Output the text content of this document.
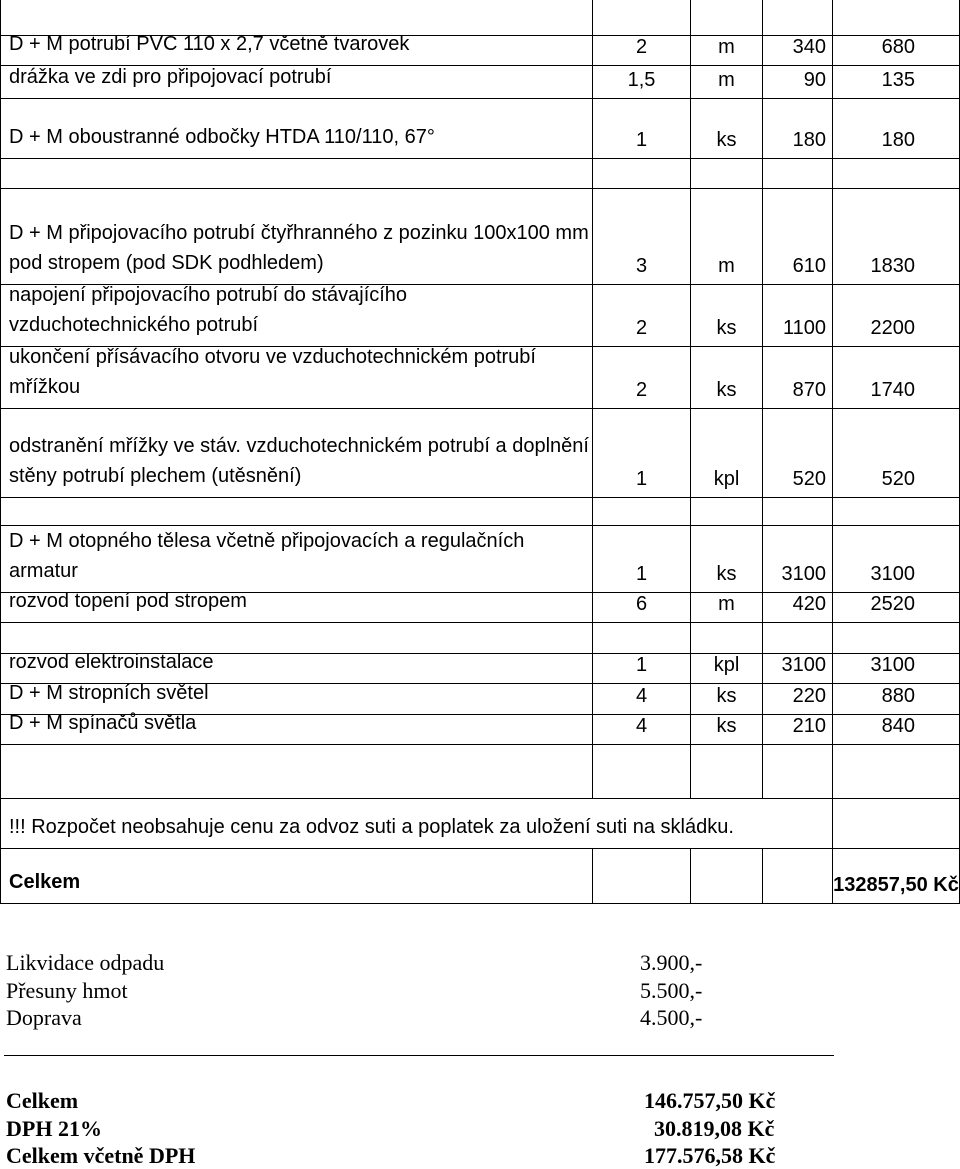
D + M potrubí PVC 110 x 2,7 včetně tvarovek	2	m	340	680
drážka ve zdi pro připojovací potrubí	1,5	m	90	135
D + M oboustranné odbočky HTDA 110/110, 67°	1	ks	180	180
D + M připojovacího potrubí čtyřhranného z pozinku 100x100 mm pod stropem (pod SDK podhledem)	3	m	610	1830
napojení připojovacího potrubí do stávajícího vzduchotechnického potrubí	2	ks	1100	2200
ukončení přísávacího otvoru ve vzduchotechnickém potrubí mřížkou	2	ks	870	1740
odstranění mřížky ve stáv. vzduchotechnickém potrubí a doplnění stěny potrubí plechem (utěsnění)	1	kpl	520	520
D + M otopného tělesa včetně připojovacích a regulačních armatur	1	ks	3100	3100
rozvod topení pod stropem	6	m	420	2520
rozvod elektroinstalace	1	kpl	3100	3100
D + M stropních světel	4	ks	220	880
D + M spínačů světla	4	ks	210	840
!!! Rozpočet neobsahuje cenu za odvoz suti a poplatek za uložení suti na skládku.
Celkem	132857,50 Kč
Likvidace odpadu	3.900,-
Přesuny hmot	5.500,-
Doprava	4.500,-
Celkem	146.757,50 Kč
DPH 21%	30.819,08 Kč
Celkem včetně DPH	177.576,58 Kč
